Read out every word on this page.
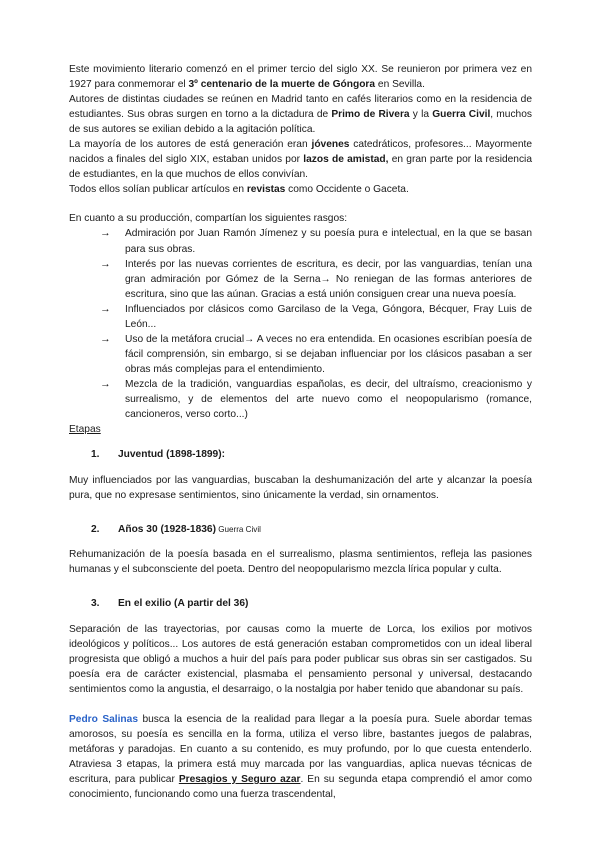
Este movimiento literario comenzó en el primer tercio del siglo XX. Se reunieron por primera vez en 1927 para conmemorar el 3º centenario de la muerte de Góngora en Sevilla.

Autores de distintas ciudades se reúnen en Madrid tanto en cafés literarios como en la residencia de estudiantes. Sus obras surgen en torno a la dictadura de Primo de Rivera y la Guerra Civil, muchos de sus autores se exilian debido a la agitación política.

La mayoría de los autores de está generación eran jóvenes catedráticos, profesores... Mayormente nacidos a finales del siglo XIX, estaban unidos por lazos de amistad, en gran parte por la residencia de estudiantes, en la que muchos de ellos convivían.

Todos ellos solían publicar artículos en revistas como Occidente o Gaceta.

En cuanto a su producción, compartían los siguientes rasgos:

→ Admiración por Juan Ramón Jímenez y su poesía pura e intelectual, en la que se basan para sus obras.
→ Interés por las nuevas corrientes de escritura, es decir, por las vanguardias, tenían una gran admiración por Gómez de la Serna→ No reniegan de las formas anteriores de escritura, sino que las aúnan. Gracias a está unión consiguen crear una nueva poesía.
→ Influenciados por clásicos como Garcilaso de la Vega, Góngora, Bécquer, Fray Luis de León...
→ Uso de la metáfora crucial→ A veces no era entendida. En ocasiones escribían poesía de fácil comprensión, sin embargo, si se dejaban influenciar por los clásicos pasaban a ser obras más complejas para el entendimiento.
→ Mezcla de la tradición, vanguardias españolas, es decir, del ultraísmo, creacionismo y surrealismo, y de elementos del arte nuevo como el neopopularismo (romance, cancioneros, verso corto...)

Etapas

1. Juventud (1898-1899):

Muy influenciados por las vanguardias, buscaban la deshumanización del arte y alcanzar la poesía pura, que no expresase sentimientos, sino únicamente la verdad, sin ornamentos.

2. Años 30 (1928-1836) Guerra Civil

Rehumanización de la poesía basada en el surrealismo, plasma sentimientos, refleja las pasiones humanas y el subconsciente del poeta. Dentro del neopopularismo mezcla lírica popular y culta.

3. En el exilio (A partir del 36)

Separación de las trayectorias, por causas como la muerte de Lorca, los exilios por motivos ideológicos y políticos... Los autores de está generación estaban comprometidos con un ideal liberal progresista que obligó a muchos a huir del país para poder publicar sus obras sin ser castigados. Su poesía era de carácter existencial, plasmaba el pensamiento personal y universal, destacando sentimientos como la angustia, el desarraigo, o la nostalgia por haber tenido que abandonar su país.

Pedro Salinas busca la esencia de la realidad para llegar a la poesía pura. Suele abordar temas amorosos, su poesía es sencilla en la forma, utiliza el verso libre, bastantes juegos de palabras, metáforas y paradojas. En cuanto a su contenido, es muy profundo, por lo que cuesta entenderlo. Atraviesa 3 etapas, la primera está muy marcada por las vanguardias, aplica nuevas técnicas de escritura, para publicar Presagios y Seguro azar. En su segunda etapa comprendió el amor como conocimiento, funcionando como una fuerza trascendental,
